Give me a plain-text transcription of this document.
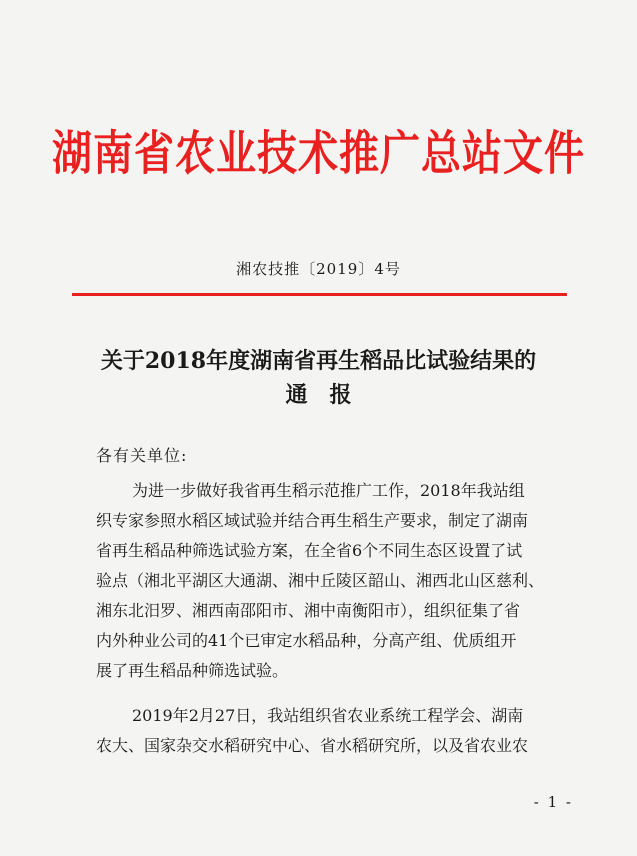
湖南省农业技术推广总站文件
湘农技推〔2019〕4号
关于2018年度湖南省再生稻品比试验结果的
通报
各有关单位:
为进一步做好我省再生稻示范推广工作，2018年我站组
织专家参照水稻区域试验并结合再生稻生产要求，制定了湖南
省再生稻品种筛选试验方案，在全省6个不同生态区设置了试
验点（湘北平湖区大通湖、湘中丘陵区韶山、湘西北山区慈利、
湘东北汨罗、湘西南邵阳市、湘中南衡阳市），组织征集了省
内外种业公司的41个已审定水稻品种，分高产组、优质组开
展了再生稻品种筛选试验。
2019年2月27日，我站组织省农业系统工程学会、湖南
农大、国家杂交水稻研究中心、省水稻研究所，以及省农业农
- 1 -
